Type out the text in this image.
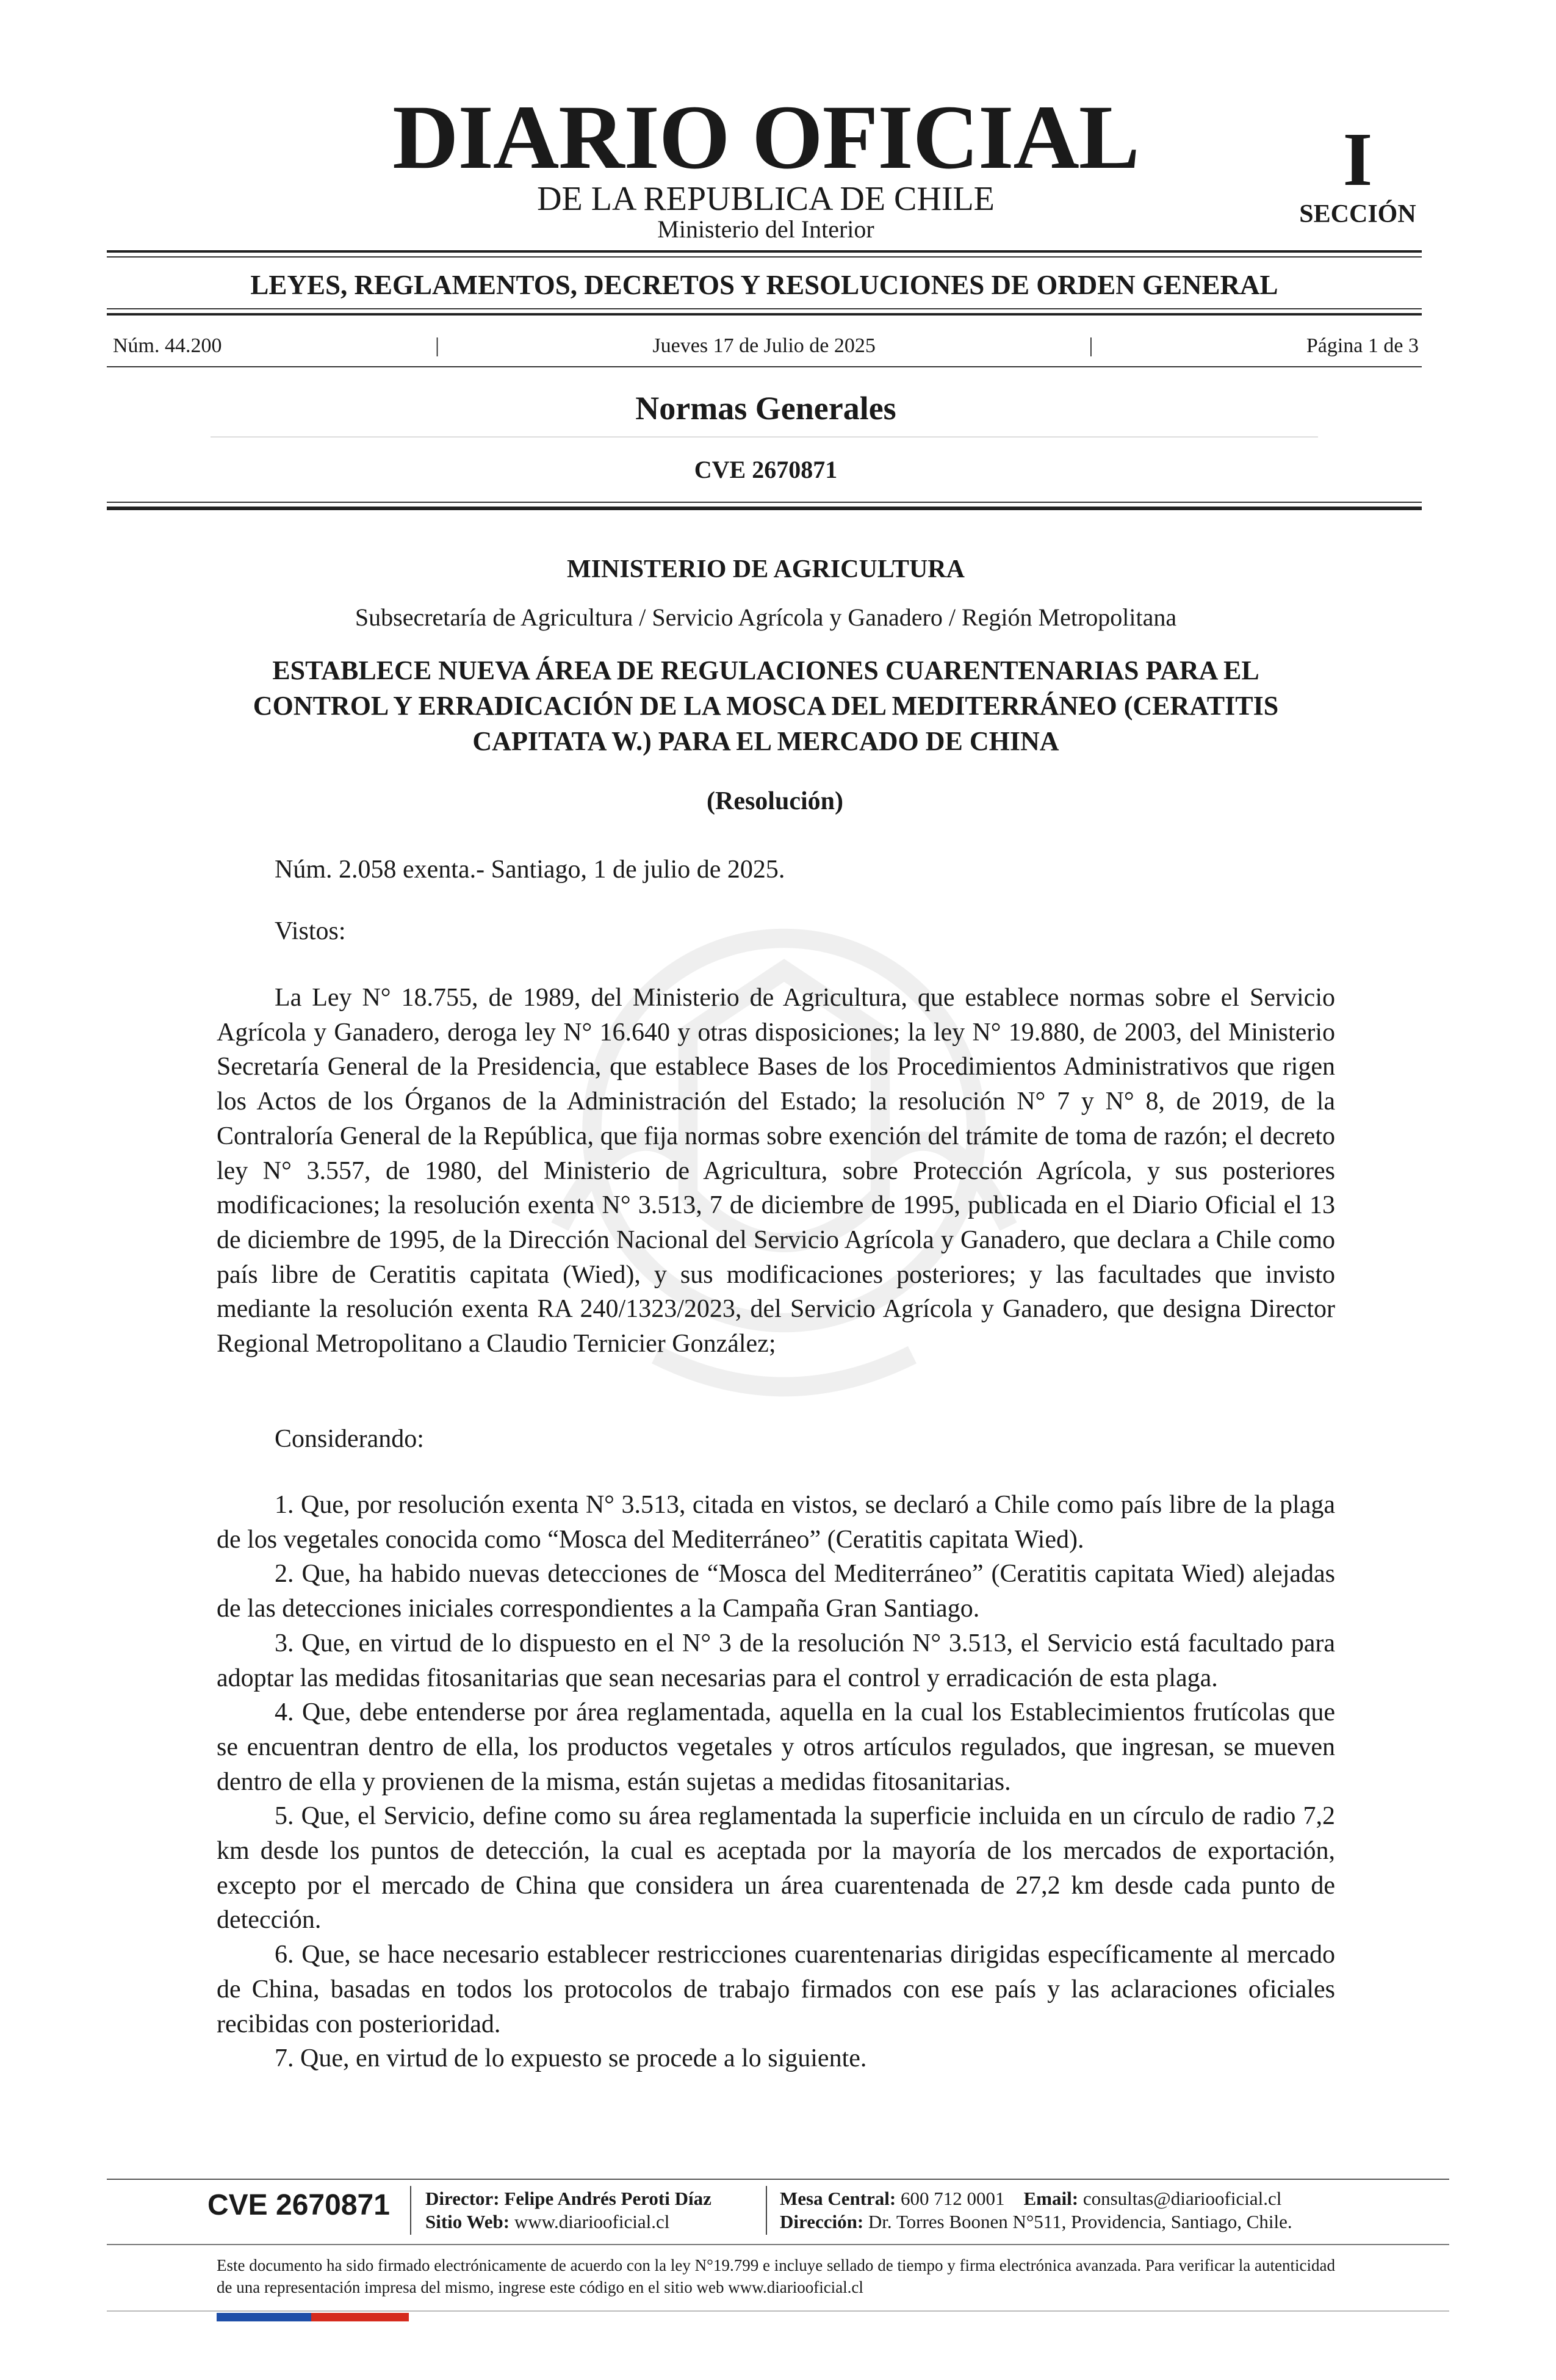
DIARIO OFICIAL
DE LA REPUBLICA DE CHILE
Ministerio del Interior
I
SECCIÓN
LEYES, REGLAMENTOS, DECRETOS Y RESOLUCIONES DE ORDEN GENERAL
Núm. 44.200	|	Jueves 17 de Julio de 2025	|	Página 1 de 3
Normas Generales
CVE 2670871
MINISTERIO DE AGRICULTURA
Subsecretaría de Agricultura / Servicio Agrícola y Ganadero / Región Metropolitana
ESTABLECE NUEVA ÁREA DE REGULACIONES CUARENTENARIAS PARA EL
CONTROL Y ERRADICACIÓN DE LA MOSCA DEL MEDITERRÁNEO (CERATITIS
CAPITATA W.) PARA EL MERCADO DE CHINA
(Resolución)
Núm. 2.058 exenta.- Santiago, 1 de julio de 2025.
Vistos:

La Ley N° 18.755, de 1989, del Ministerio de Agricultura, que establece normas sobre el Servicio Agrícola y Ganadero, deroga ley N° 16.640 y otras disposiciones; la ley N° 19.880, de 2003, del Ministerio Secretaría General de la Presidencia, que establece Bases de los Procedimientos Administrativos que rigen los Actos de los Órganos de la Administración del Estado; la resolución N° 7 y N° 8, de 2019, de la Contraloría General de la República, que fija normas sobre exención del trámite de toma de razón; el decreto ley N° 3.557, de 1980, del Ministerio de Agricultura, sobre Protección Agrícola, y sus posteriores modificaciones; la resolución exenta N° 3.513, 7 de diciembre de 1995, publicada en el Diario Oficial el 13 de diciembre de 1995, de la Dirección Nacional del Servicio Agrícola y Ganadero, que declara a Chile como país libre de Ceratitis capitata (Wied), y sus modificaciones posteriores; y las facultades que invisto mediante la resolución exenta RA 240/1323/2023, del Servicio Agrícola y Ganadero, que designa Director Regional Metropolitano a Claudio Ternicier González;

Considerando:

1. Que, por resolución exenta N° 3.513, citada en vistos, se declaró a Chile como país libre de la plaga de los vegetales conocida como “Mosca del Mediterráneo” (Ceratitis capitata Wied).

2. Que, ha habido nuevas detecciones de “Mosca del Mediterráneo” (Ceratitis capitata Wied) alejadas de las detecciones iniciales correspondientes a la Campaña Gran Santiago.

3. Que, en virtud de lo dispuesto en el N° 3 de la resolución N° 3.513, el Servicio está facultado para adoptar las medidas fitosanitarias que sean necesarias para el control y erradicación de esta plaga.

4. Que, debe entenderse por área reglamentada, aquella en la cual los Establecimientos frutícolas que se encuentran dentro de ella, los productos vegetales y otros artículos regulados, que ingresan, se mueven dentro de ella y provienen de la misma, están sujetas a medidas fitosanitarias.

5. Que, el Servicio, define como su área reglamentada la superficie incluida en un círculo de radio 7,2 km desde los puntos de detección, la cual es aceptada por la mayoría de los mercados de exportación, excepto por el mercado de China que considera un área cuarentenada de 27,2 km desde cada punto de detección.

6. Que, se hace necesario establecer restricciones cuarentenarias dirigidas específicamente al mercado de China, basadas en todos los protocolos de trabajo firmados con ese país y las aclaraciones oficiales recibidas con posterioridad.

7. Que, en virtud de lo expuesto se procede a lo siguiente.

CVE 2670871 Director: Felipe Andrés Peroti Díaz
Sitio Web: www.diariooficial.cl
Mesa Central: 600 712 0001 Email: consultas@diariooficial.cl
Dirección: Dr. Torres Boonen N°511, Providencia, Santiago, Chile.
Este documento ha sido firmado electrónicamente de acuerdo con la ley N°19.799 e incluye sellado de tiempo y firma electrónica avanzada. Para verificar la autenticidad de una representación impresa del mismo, ingrese este código en el sitio web www.diariooficial.cl
